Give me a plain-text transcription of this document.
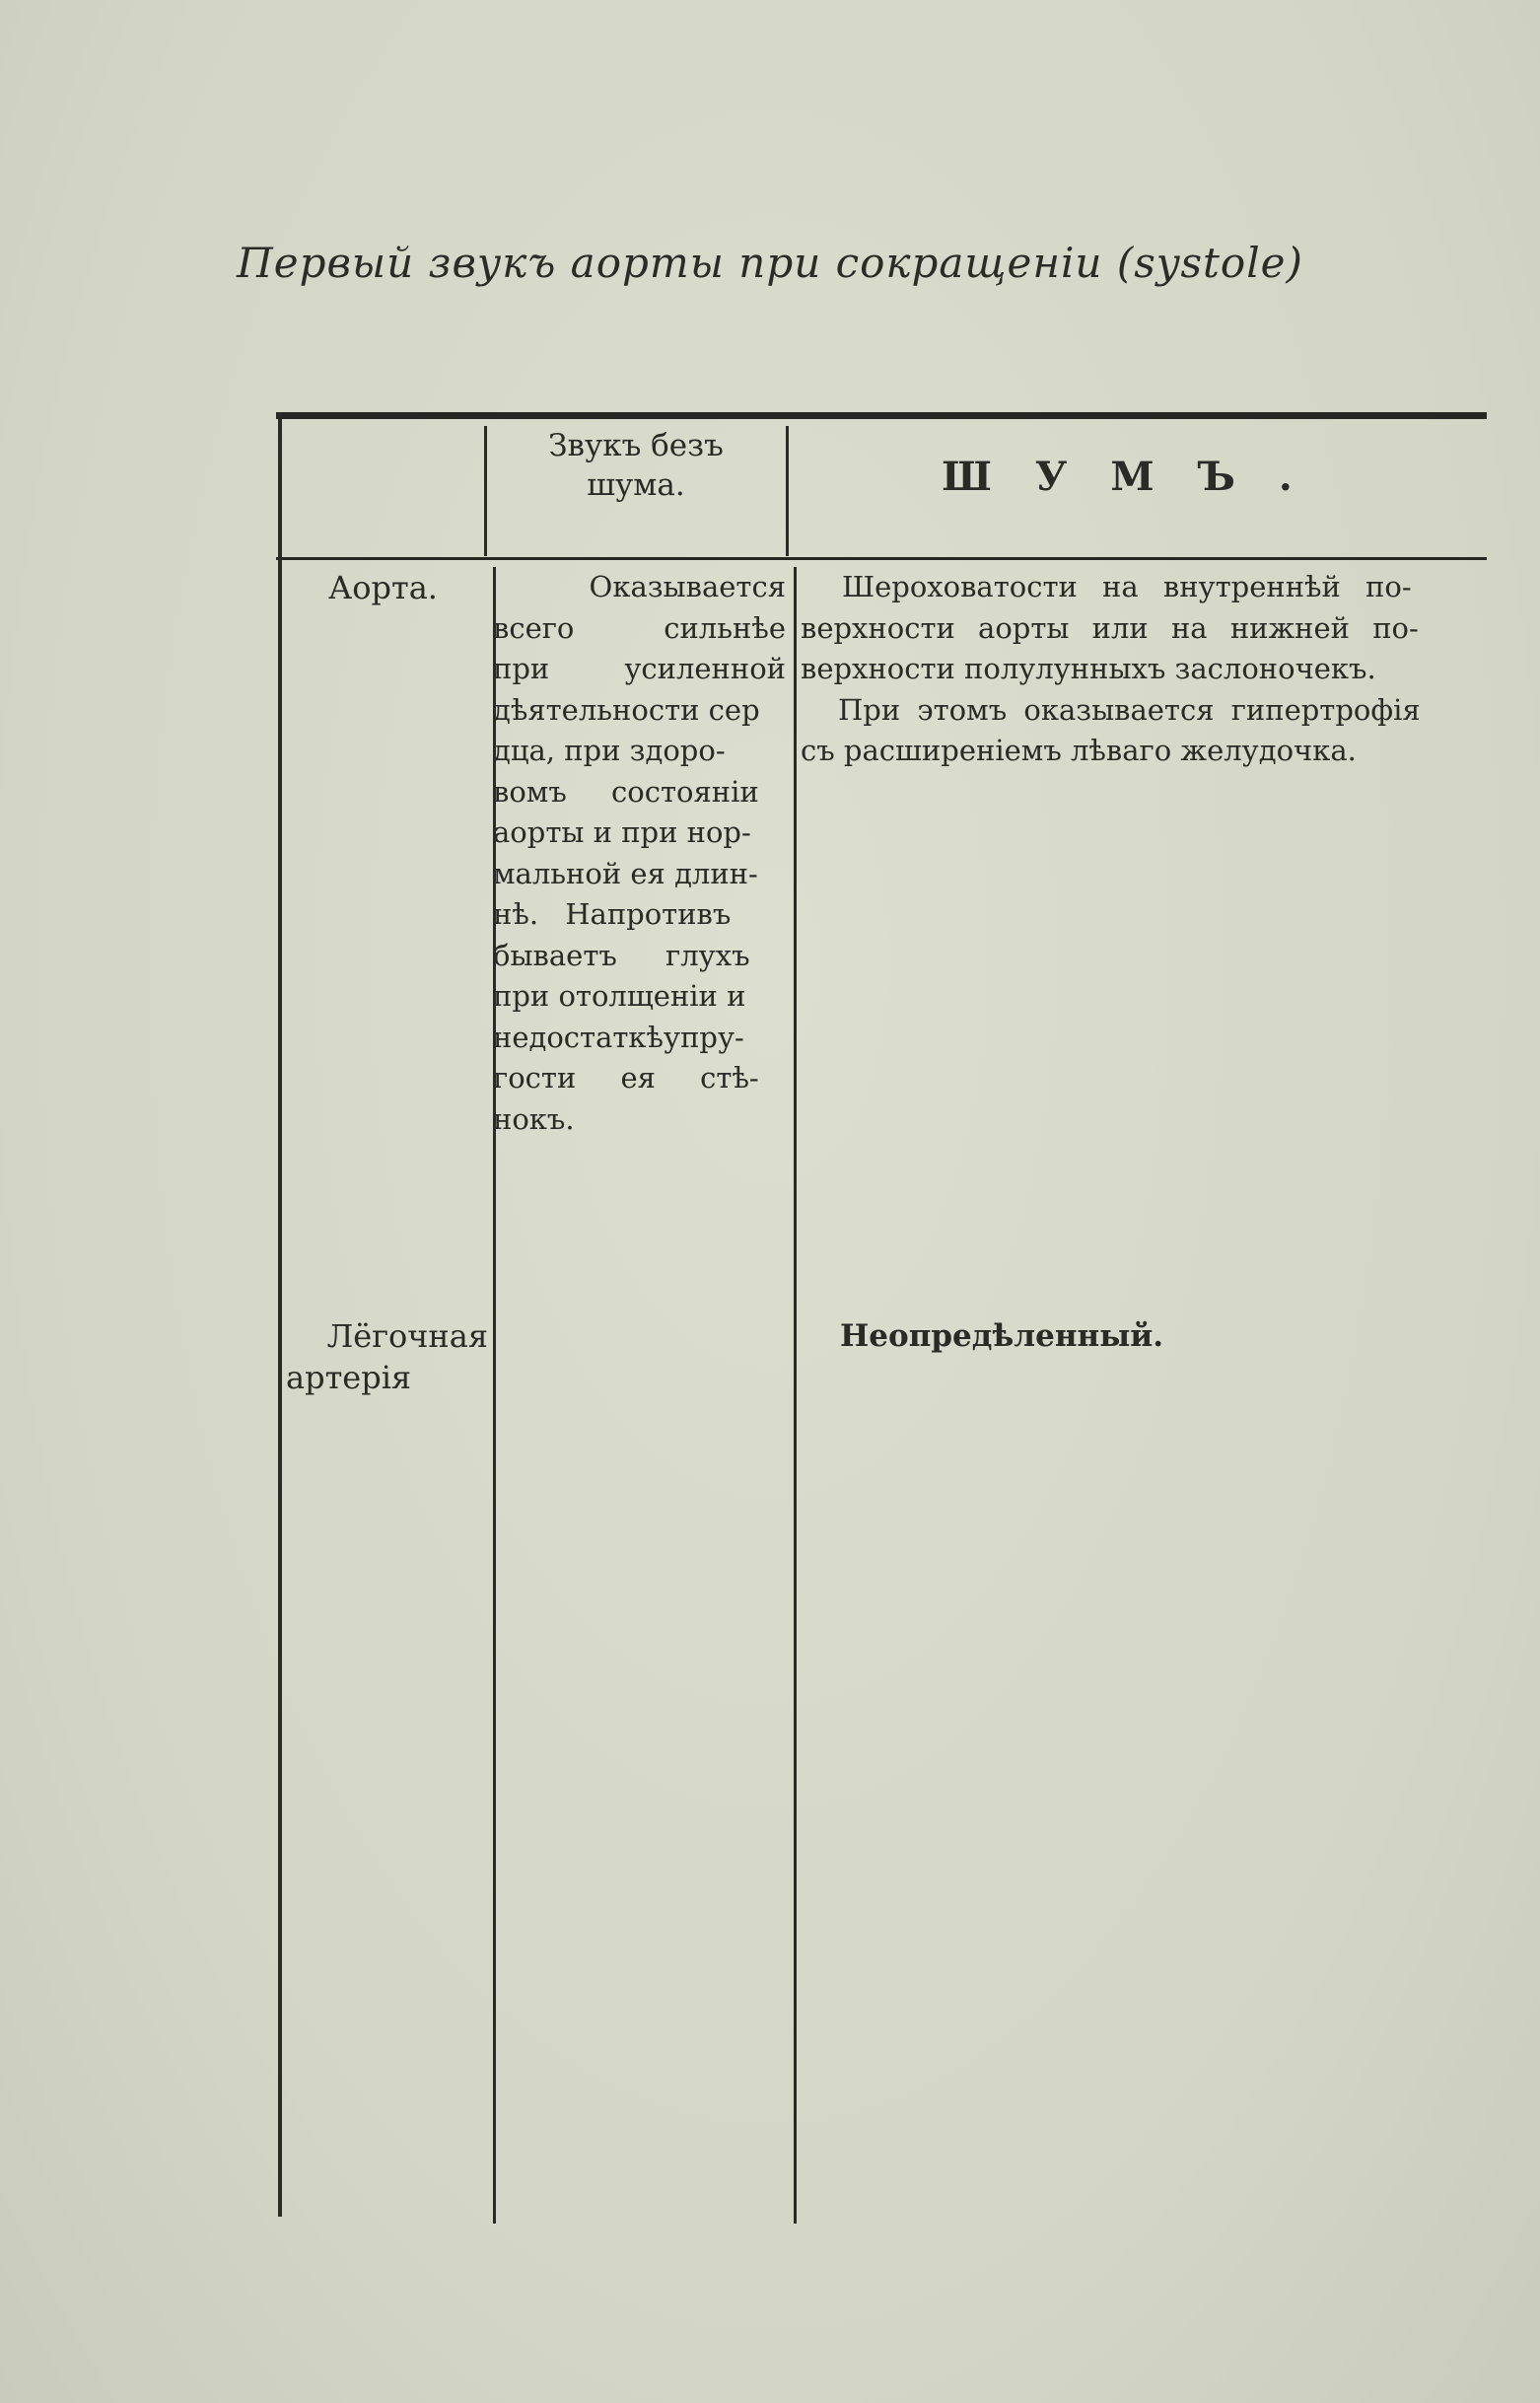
Первый звукъ аорты при сокращеніи (systole)
Звукъ безъ
шума.	ШУМЪ.
Аорта.	Оказывается
всего сильнѣе
при усиленной
дѣятельности сер
дца, при здоро-
вомъ состояніи
аорты и при нор-
мальной ея длин-
нѣ. Напротивъ
бываетъ глухъ
при отолщеніи и
недостаткѣупру-
гости ея стѣ-
нокъ.
Шероховатости на внутреннѣй по-
верхности аорты или на нижней по-
верхности полулунныхъ заслоночекъ.
При этомъ оказывается гипертрофія
съ расширеніемъ лѣваго желудочка.
Лёгочная
артерія
Неопредѣленный.
